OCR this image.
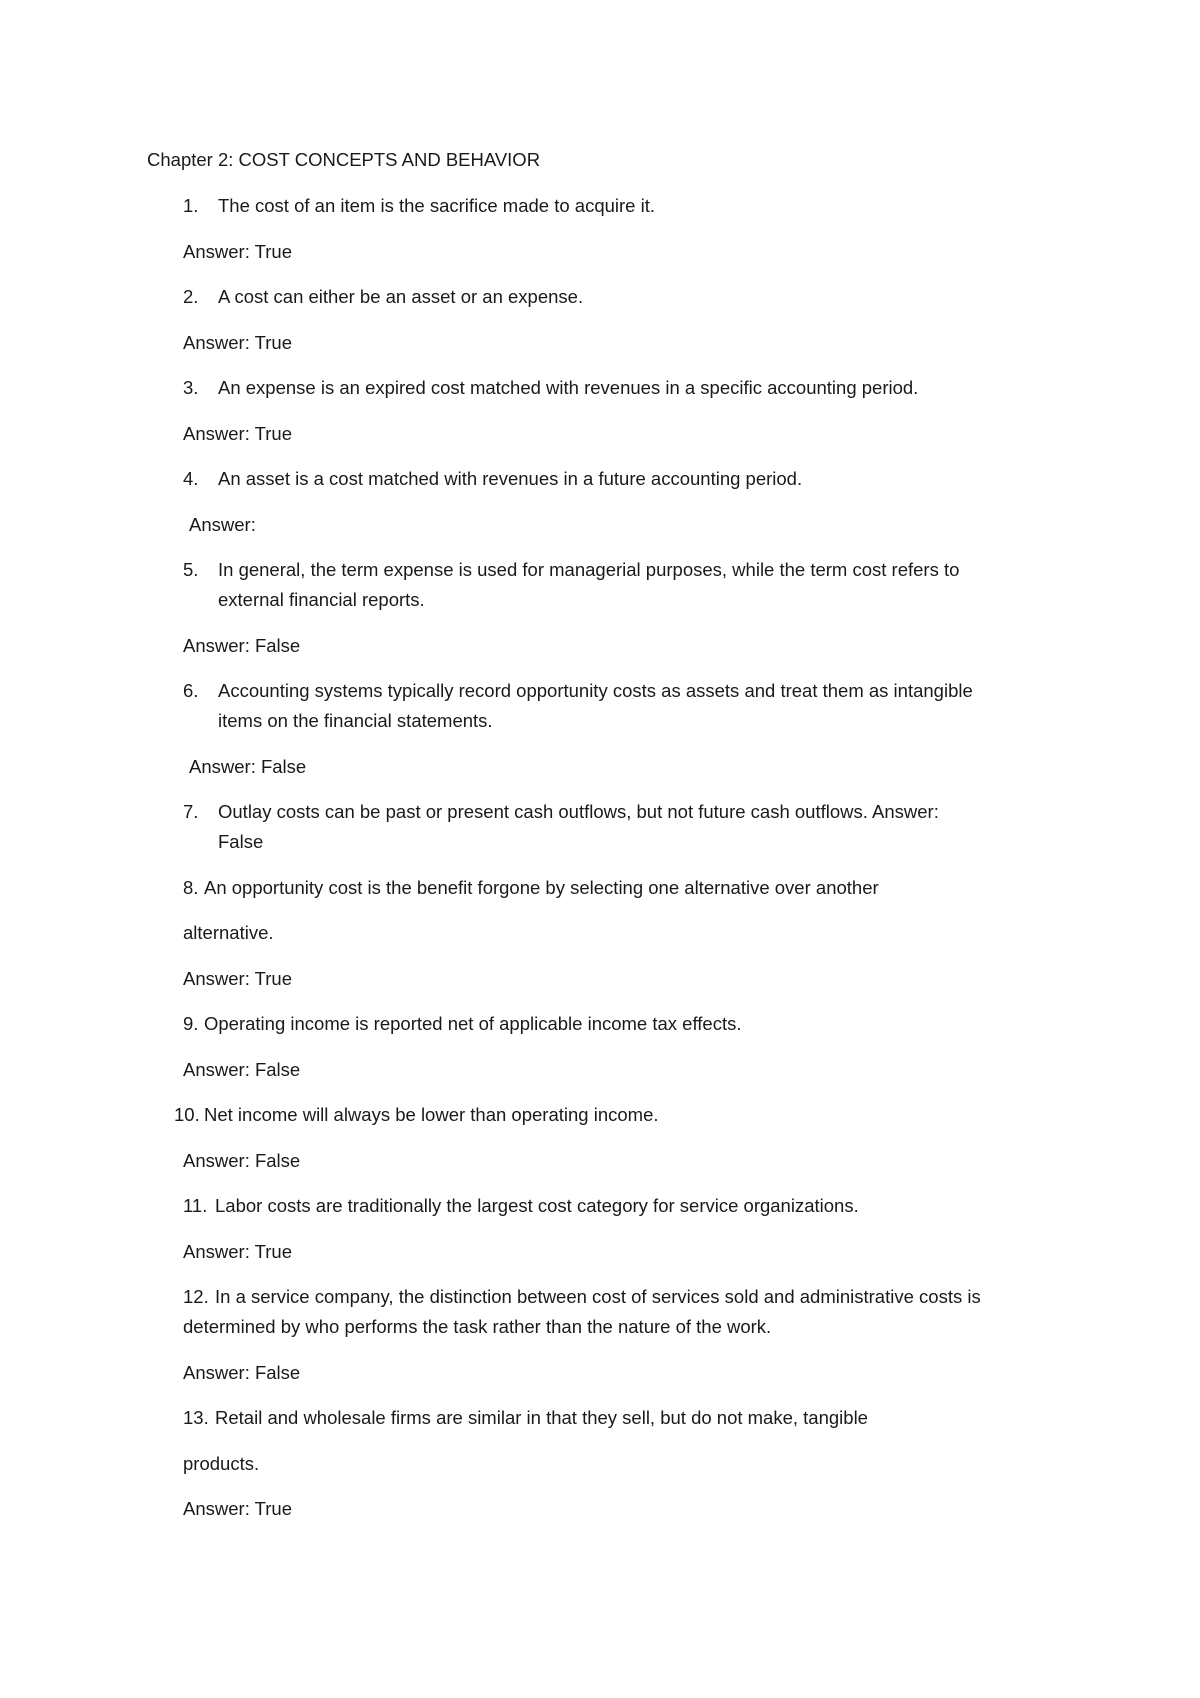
Chapter 2: COST CONCEPTS AND BEHAVIOR
1. The cost of an item is the sacrifice made to acquire it.
Answer: True
2. A cost can either be an asset or an expense.
Answer: True
3. An expense is an expired cost matched with revenues in a specific accounting period.
Answer: True
4. An asset is a cost matched with revenues in a future accounting period.
Answer:
5. In general, the term expense is used for managerial purposes, while the term cost refers to
external financial reports.
Answer: False
6. Accounting systems typically record opportunity costs as assets and treat them as intangible
items on the financial statements.
Answer: False
7. Outlay costs can be past or present cash outflows, but not future cash outflows. Answer:
False
8. An opportunity cost is the benefit forgone by selecting one alternative over another
alternative.
Answer: True
9. Operating income is reported net of applicable income tax effects.
Answer: False
10. Net income will always be lower than operating income.
Answer: False
11. Labor costs are traditionally the largest cost category for service organizations.
Answer: True
12. In a service company, the distinction between cost of services sold and administrative costs is
determined by who performs the task rather than the nature of the work.
Answer: False
13. Retail and wholesale firms are similar in that they sell, but do not make, tangible
products.
Answer: True
